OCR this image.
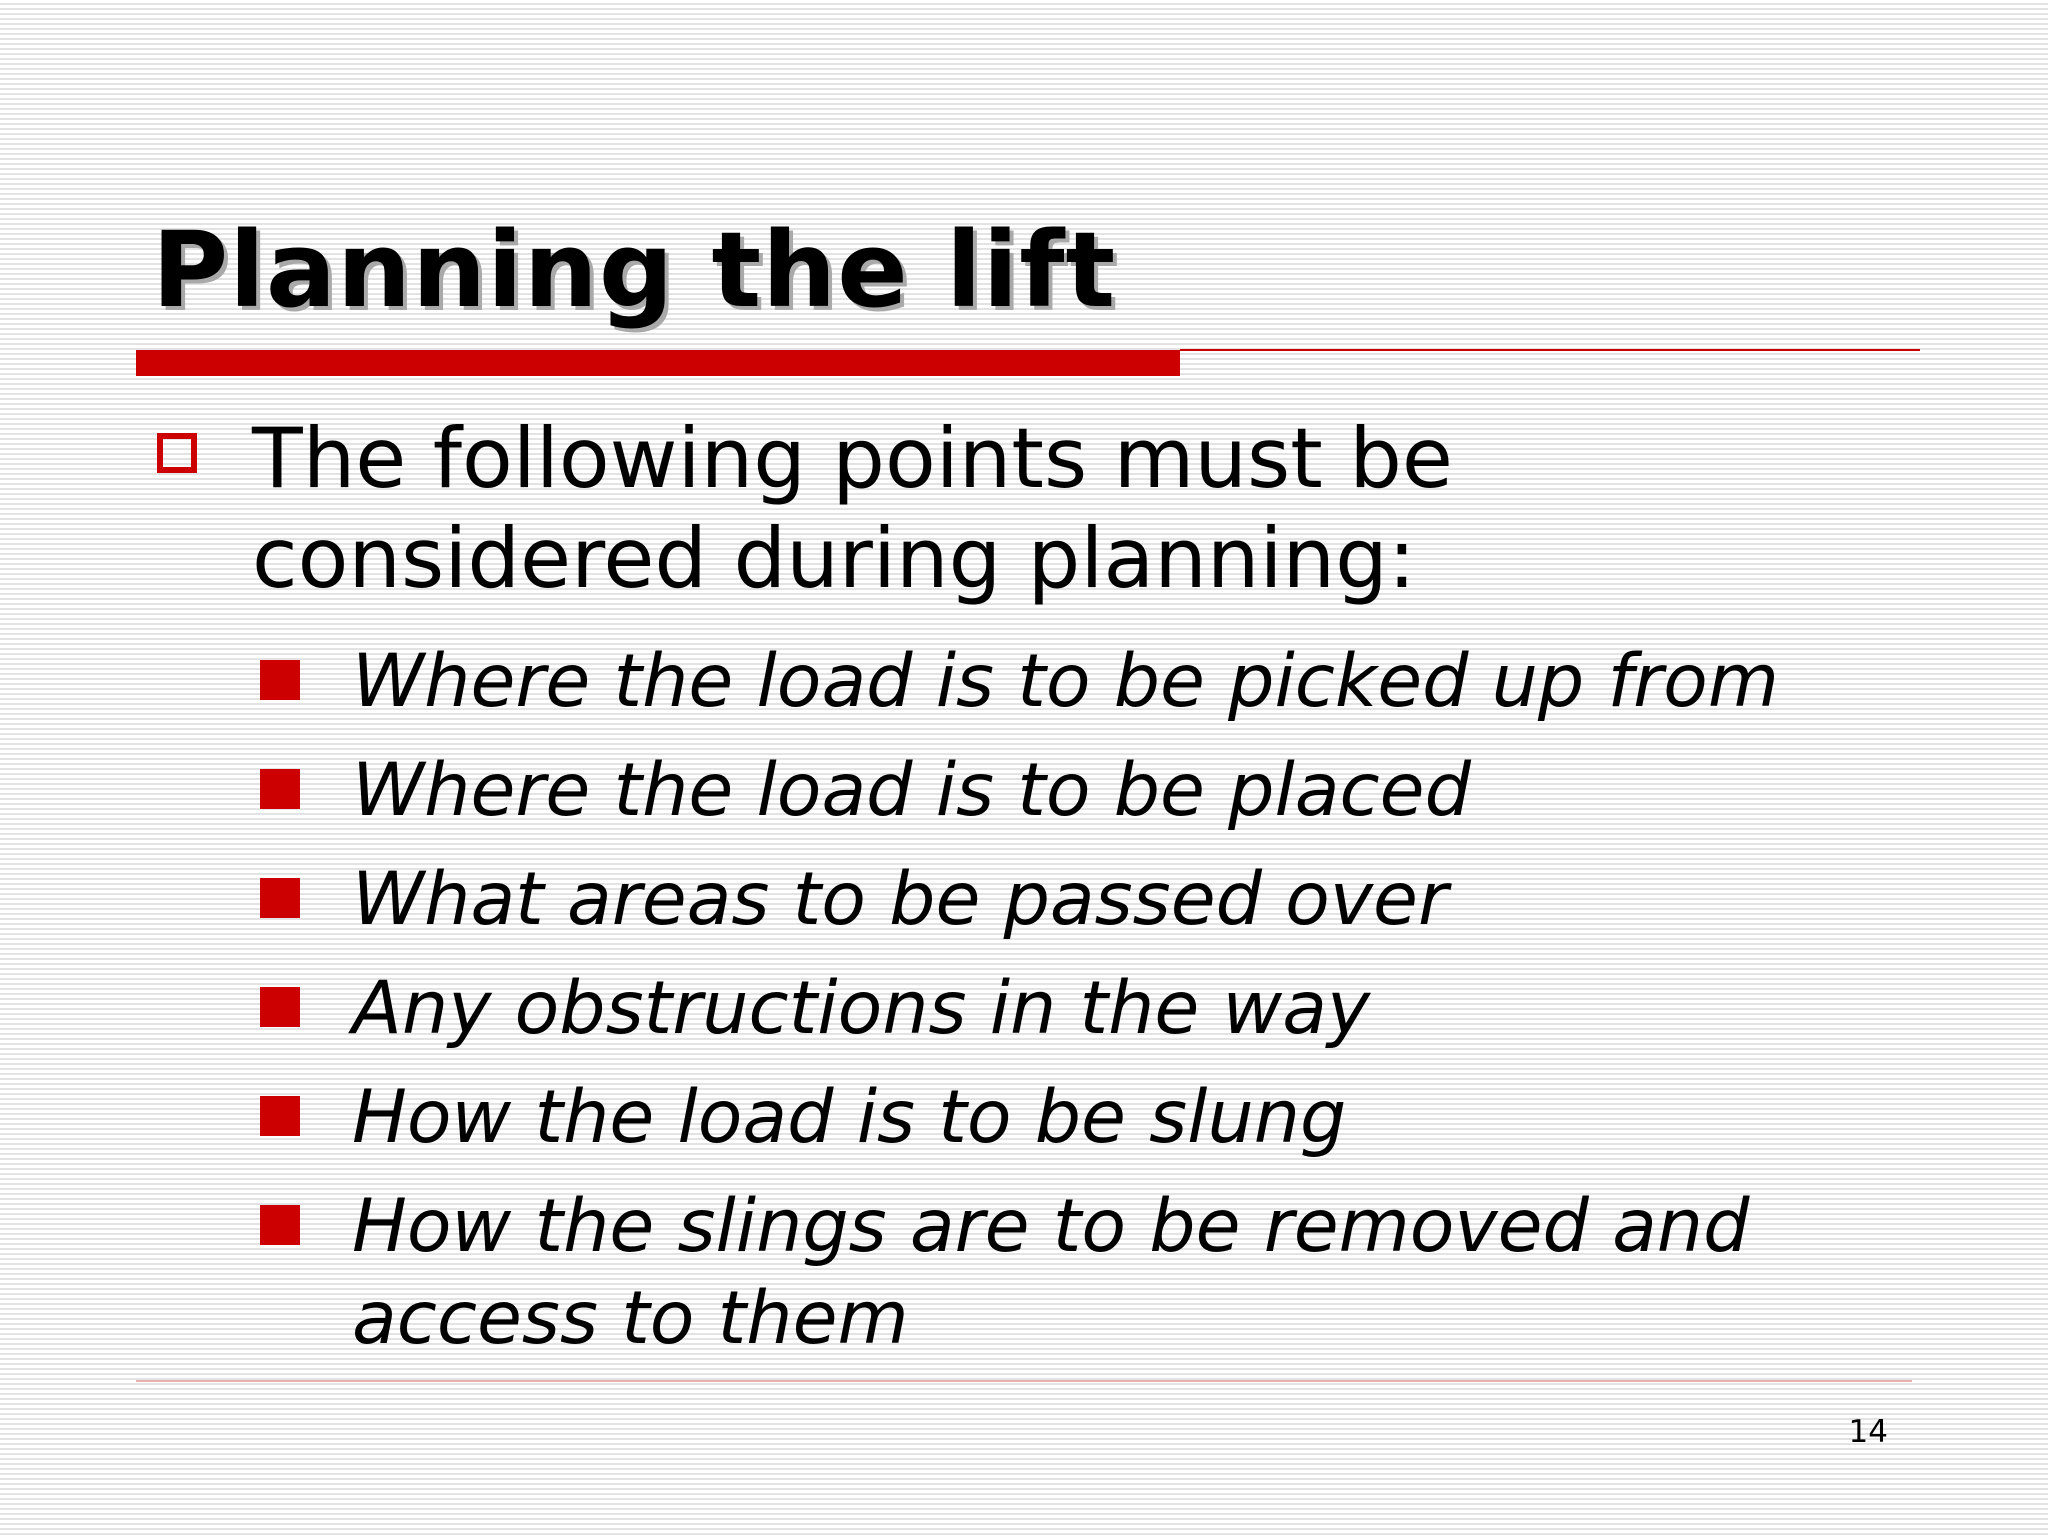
Planning the lift
The following points must be considered during planning:
Where the load is to be picked up from
Where the load is to be placed
What areas to be passed over
Any obstructions in the way
How the load is to be slung
How the slings are to be removed and access to them
14
